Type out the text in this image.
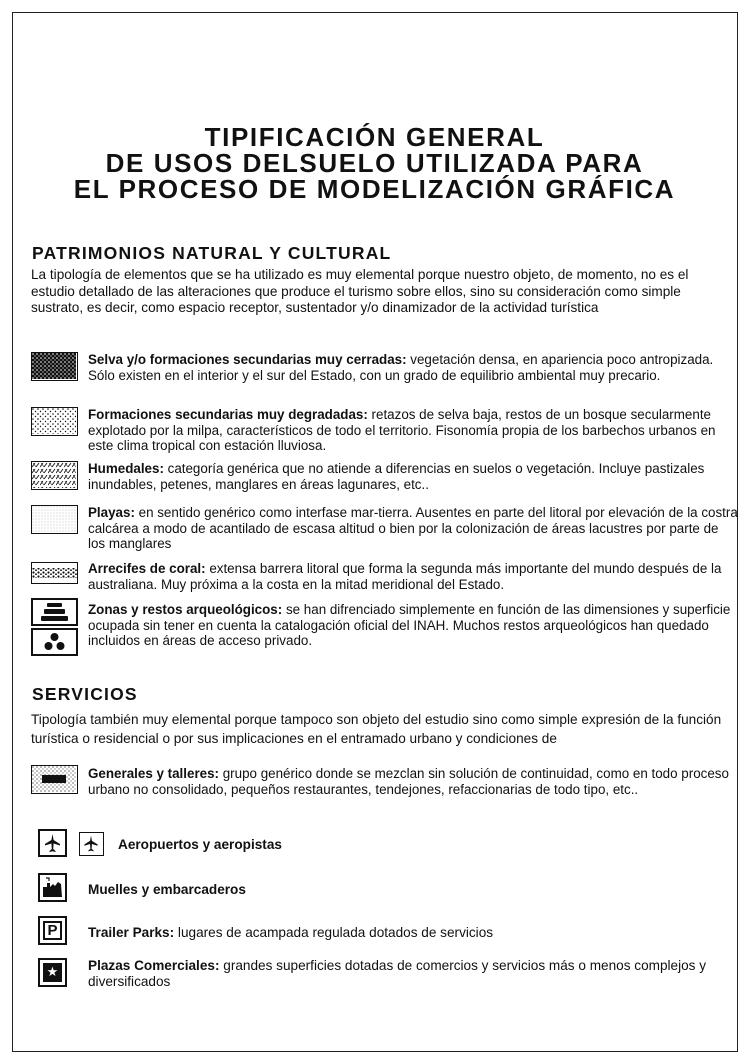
TIPIFICACIÓN GENERAL
DE USOS DELSUELO UTILIZADA PARA
EL PROCESO DE MODELIZACIÓN GRÁFICA
PATRIMONIOS NATURAL Y CULTURAL
La tipología de elementos que se ha utilizado es muy elemental porque nuestro objeto, de momento, no es el estudio detallado de las alteraciones que produce el turismo sobre ellos, sino su consideración como simple sustrato, es decir, como espacio receptor, sustentador y/o dinamizador de la actividad turística
Selva y/o formaciones secundarias muy cerradas: vegetación densa, en apariencia poco antropizada. Sólo existen en el interior y el sur del Estado, con un grado de equilibrio ambiental muy precario.
Formaciones secundarias muy degradadas: retazos de selva baja, restos de un bosque secularmente explotado por la milpa, característicos de todo el territorio. Fisonomía propia de los barbechos urbanos en este clima tropical con estación lluviosa.
Humedales: categoría genérica que no atiende a diferencias en suelos o vegetación. Incluye pastizales inundables, petenes, manglares en áreas lagunares, etc..
Playas: en sentido genérico como interfase mar-tierra. Ausentes en parte del litoral por elevación de la costra calcárea a modo de acantilado de escasa altitud o bien por la colonización de áreas lacustres por parte de los manglares
Arrecifes de coral: extensa barrera litoral que forma la segunda más importante del mundo después de la australiana. Muy próxima a la costa en la mitad meridional del Estado.
Zonas y restos arqueológicos: se han difrenciado simplemente en función de las dimensiones y superficie ocupada sin tener en cuenta la catalogación oficial del INAH. Muchos restos arqueológicos han quedado incluidos en áreas de acceso privado.
SERVICIOS
Tipología también muy elemental porque tampoco son objeto del estudio sino como simple expresión de la función turística o residencial o por sus implicaciones en el entramado urbano y condiciones de
Generales y talleres: grupo genérico donde se mezclan sin solución de continuidad, como en todo proceso urbano no consolidado, pequeños restaurantes, tendejones, refaccionarias de todo tipo, etc..
Aeropuertos y aeropistas
Muelles y embarcaderos
P	Trailer Parks: lugares de acampada regulada dotados de servicios
★ Plazas Comerciales: grandes superficies dotadas de comercios y servicios más o menos complejos y diversificados
